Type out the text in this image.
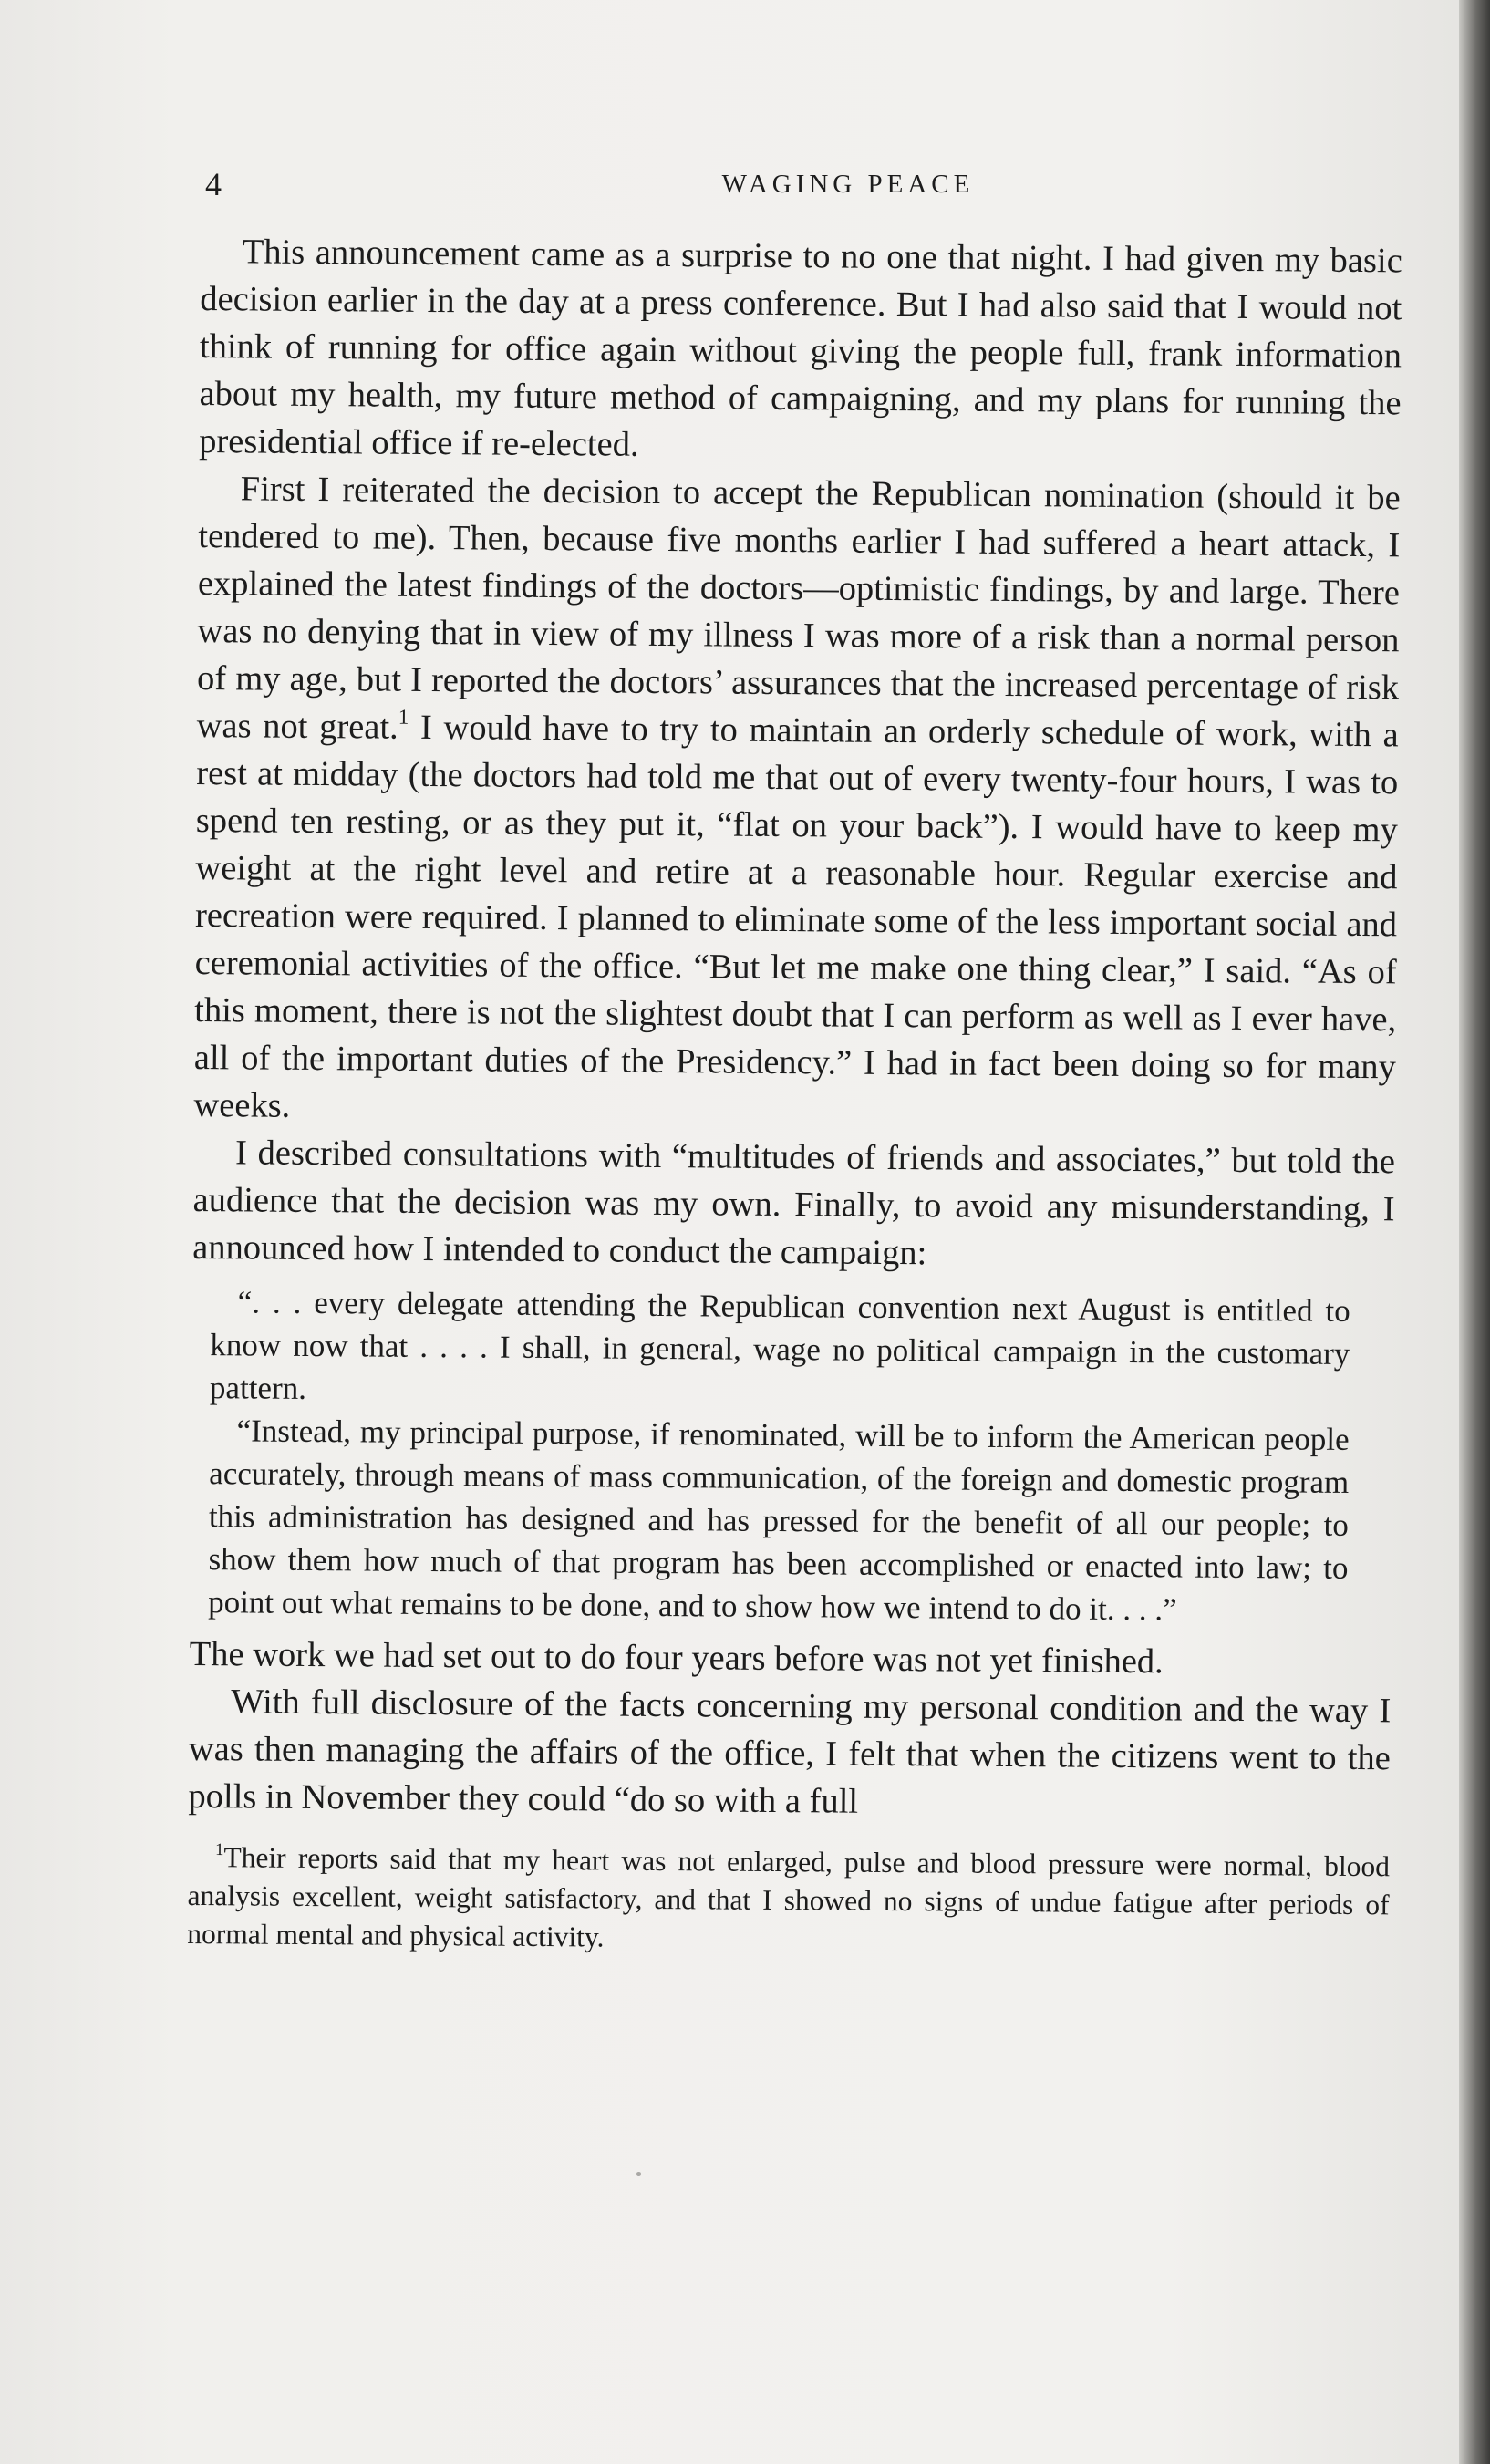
4	WAGING PEACE

This announcement came as a surprise to no one that night. I had given my basic decision earlier in the day at a press conference. But I had also said that I would not think of running for office again without giving the people full, frank information about my health, my future method of campaigning, and my plans for running the presidential office if re-elected.

First I reiterated the decision to accept the Republican nomination (should it be tendered to me). Then, because five months earlier I had suffered a heart attack, I explained the latest findings of the doctors—optimistic findings, by and large. There was no denying that in view of my illness I was more of a risk than a normal person of my age, but I reported the doctors’ assurances that the increased percentage of risk was not great.$^1$ I would have to try to maintain an orderly schedule of work, with a rest at midday (the doctors had told me that out of every twenty-four hours, I was to spend ten resting, or as they put it, “flat on your back”). I would have to keep my weight at the right level and retire at a reasonable hour. Regular exercise and recreation were required. I planned to eliminate some of the less important social and ceremonial activities of the office. “But let me make one thing clear,” I said. “As of this moment, there is not the slightest doubt that I can perform as well as I ever have, all of the important duties of the Presidency.” I had in fact been doing so for many weeks.

I described consultations with “multitudes of friends and associates,” but told the audience that the decision was my own. Finally, to avoid any misunderstanding, I announced how I intended to conduct the campaign:

“. . . every delegate attending the Republican convention next August is entitled to know now that . . . . I shall, in general, wage no political campaign in the customary pattern.

“Instead, my principal purpose, if renominated, will be to inform the American people accurately, through means of mass communication, of the foreign and domestic program this administration has designed and has pressed for the benefit of all our people; to show them how much of that program has been accomplished or enacted into law; to point out what remains to be done, and to show how we intend to do it. . . .”

The work we had set out to do four years before was not yet finished.

With full disclosure of the facts concerning my personal condition and the way I was then managing the affairs of the office, I felt that when the citizens went to the polls in November they could “do so with a full

$^1$Their reports said that my heart was not enlarged, pulse and blood pressure were normal, blood analysis excellent, weight satisfactory, and that I showed no signs of undue fatigue after periods of normal mental and physical activity.
